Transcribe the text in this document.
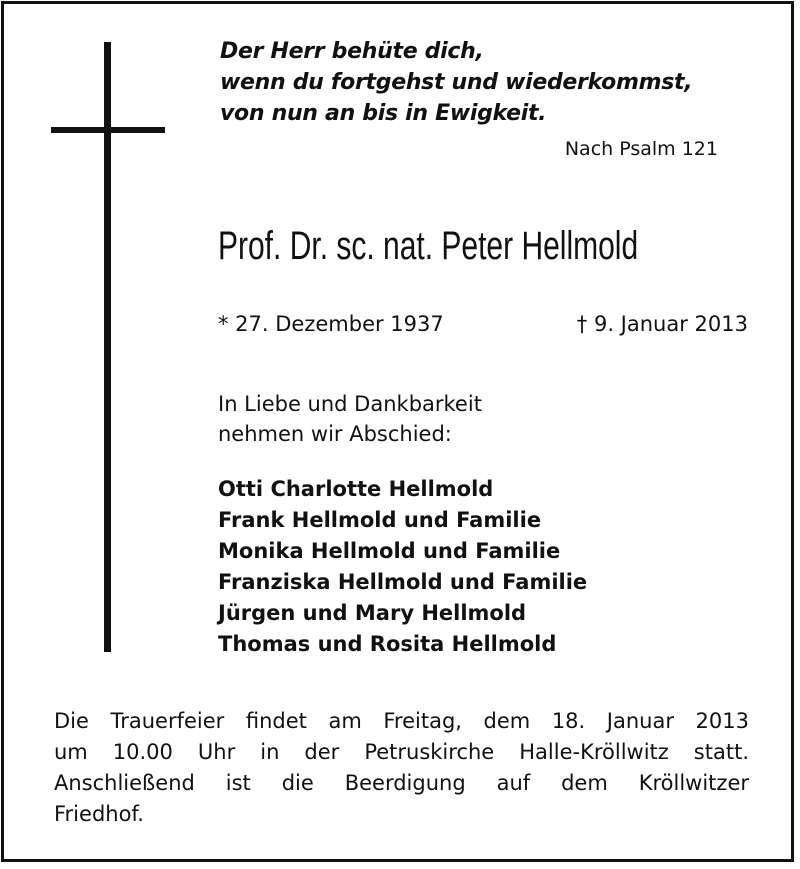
Der Herr behüte dich,
wenn du fortgehst und wiederkommst,
von nun an bis in Ewigkeit.
Nach Psalm 121
Prof. Dr. sc. nat. Peter Hellmold
* 27. Dezember 1937	† 9. Januar 2013
In Liebe und Dankbarkeit
nehmen wir Abschied:
Otti Charlotte Hellmold
Frank Hellmold und Familie
Monika Hellmold und Familie
Franziska Hellmold und Familie
Jürgen und Mary Hellmold
Thomas und Rosita Hellmold
Die Trauerfeier findet am Freitag, dem 18. Januar 2013
um 10.00 Uhr in der Petruskirche Halle-Kröllwitz statt.
Anschließend ist die Beerdigung auf dem Kröllwitzer
Friedhof.
